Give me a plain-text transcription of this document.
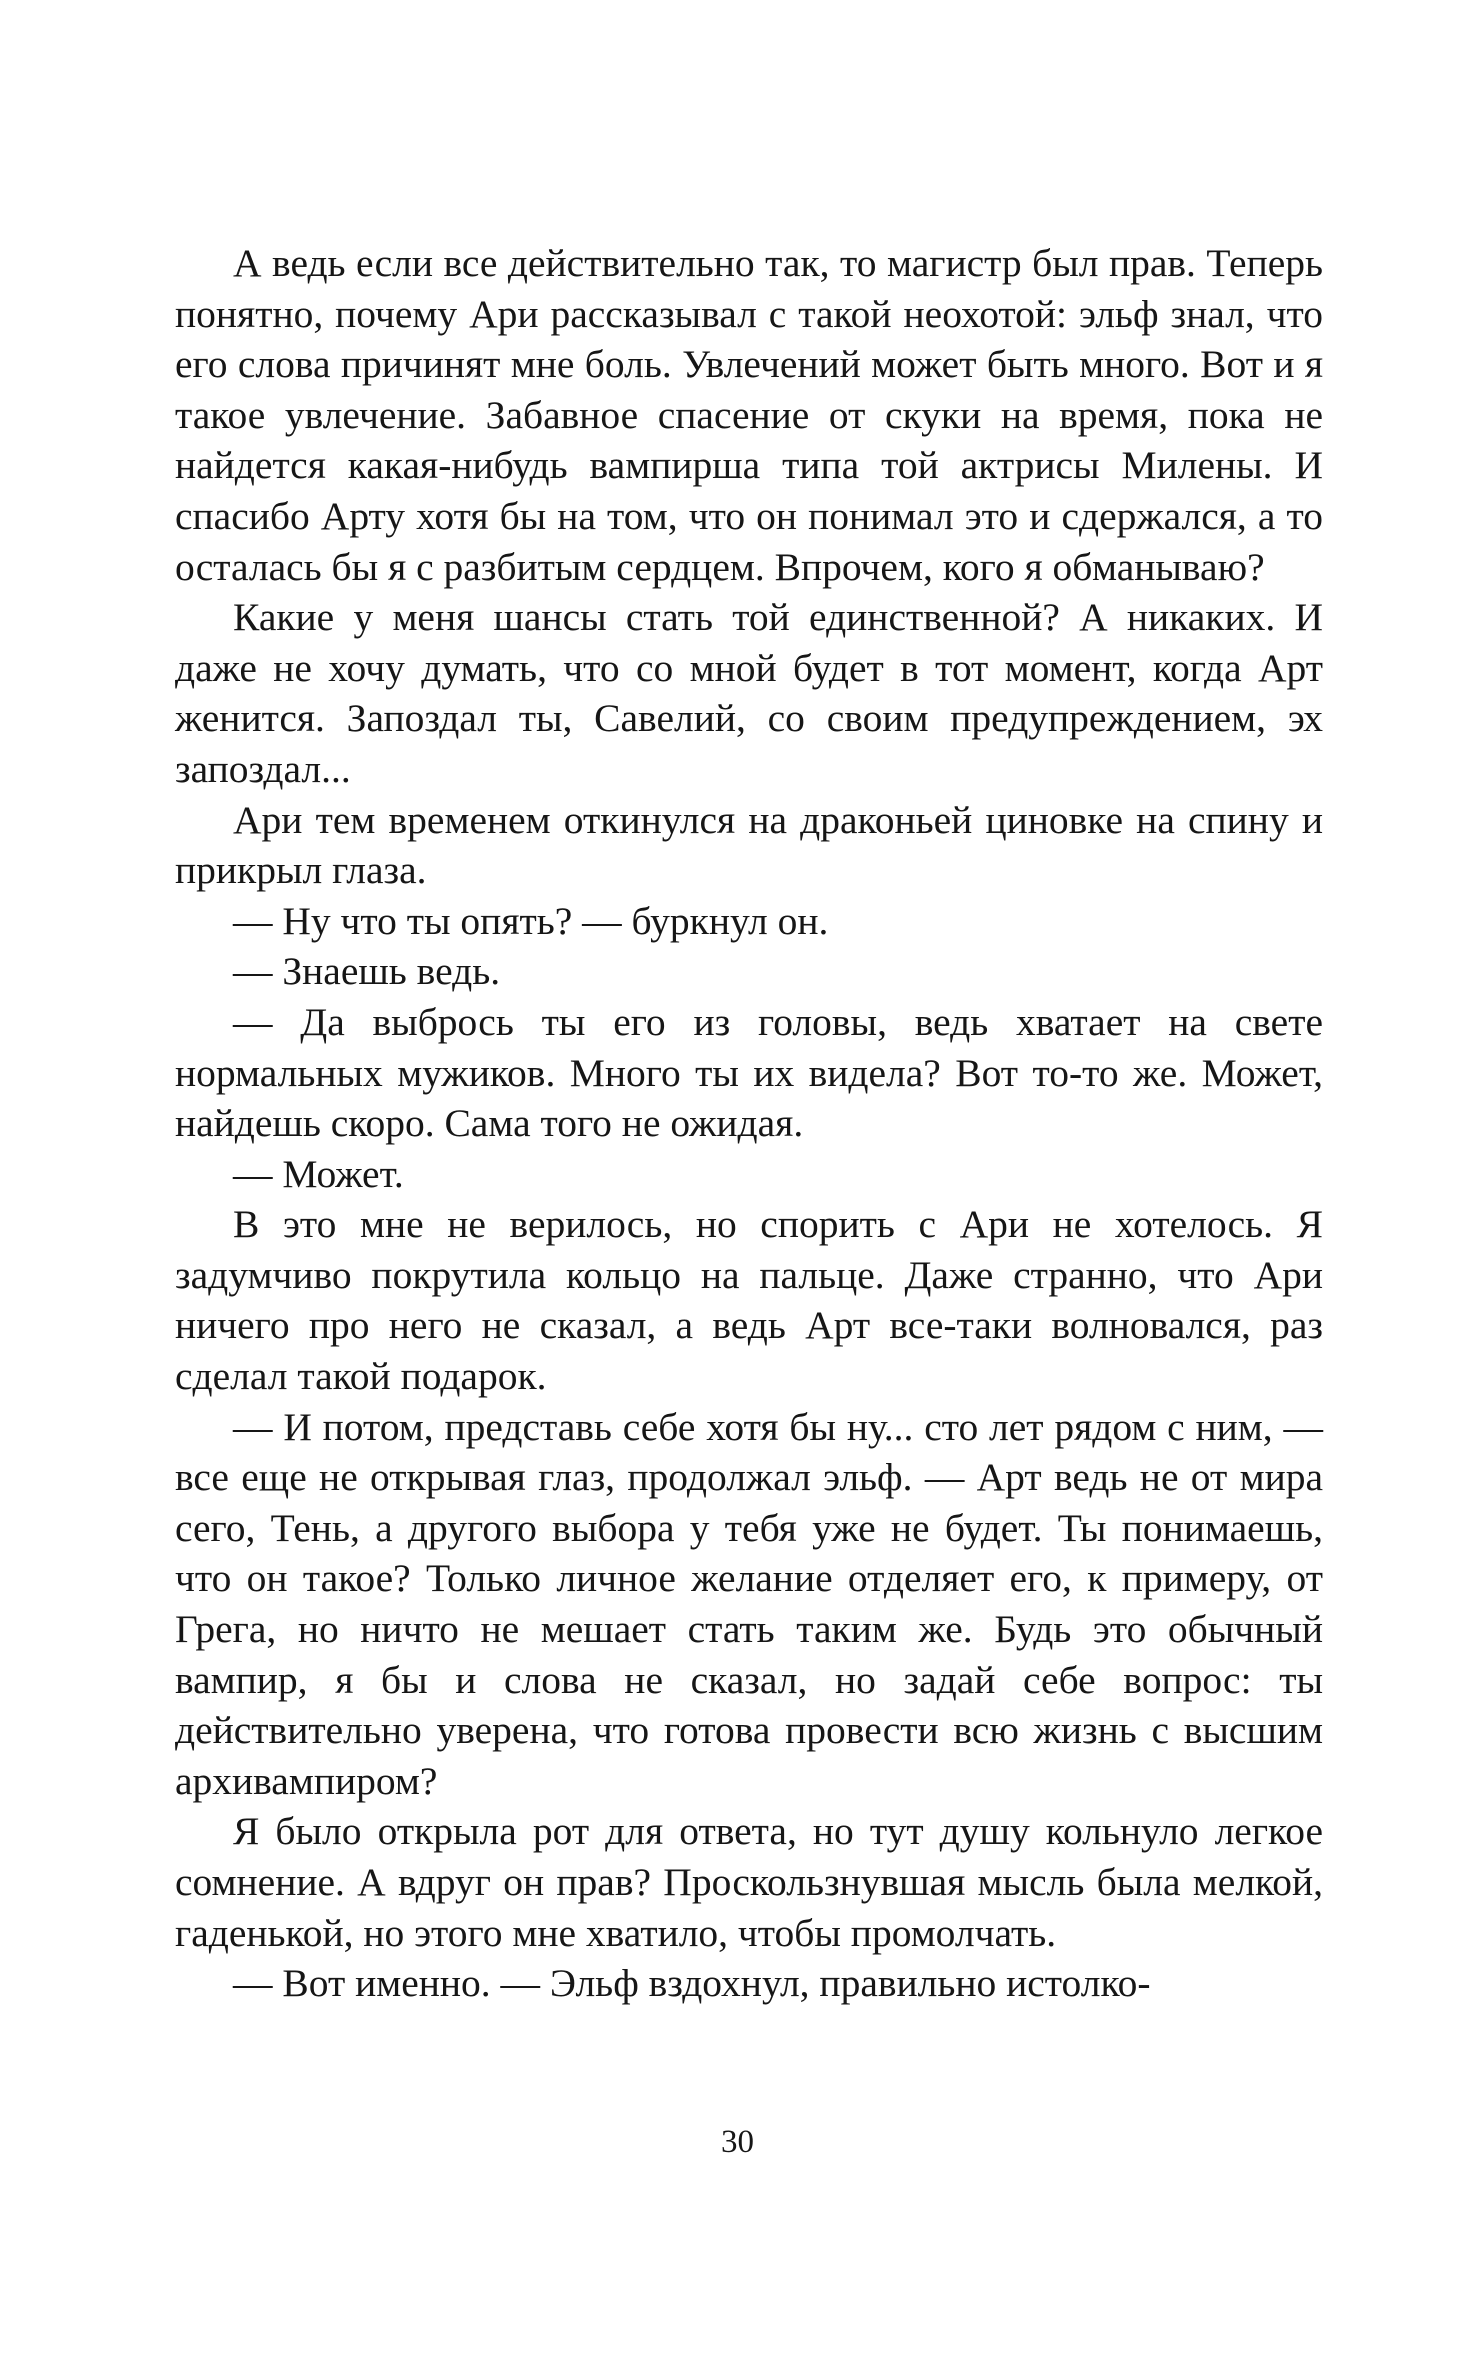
А ведь если все действительно так, то магистр был прав. Теперь понятно, почему Ари рассказывал с такой неохотой: эльф знал, что его слова причинят мне боль. Увлечений может быть много. Вот и я такое увлечение. Забавное спасение от скуки на время, пока не найдется какая-нибудь вампирша типа той актрисы Милены. И спасибо Арту хотя бы на том, что он понимал это и сдержался, а то осталась бы я с разбитым сердцем. Впрочем, кого я обманываю?

Какие у меня шансы стать той единственной? А никаких. И даже не хочу думать, что со мной будет в тот момент, когда Арт женится. Запоздал ты, Савелий, со своим предупреждением, эх запоздал...

Ари тем временем откинулся на драконьей циновке на спину и прикрыл глаза.

— Ну что ты опять? — буркнул он.

— Знаешь ведь.

— Да выбрось ты его из головы, ведь хватает на свете нормальных мужиков. Много ты их видела? Вот то-то же. Может, найдешь скоро. Сама того не ожидая.

— Может.

В это мне не верилось, но спорить с Ари не хотелось. Я задумчиво покрутила кольцо на пальце. Даже странно, что Ари ничего про него не сказал, а ведь Арт все-таки волновался, раз сделал такой подарок.

— И потом, представь себе хотя бы ну... сто лет рядом с ним, — все еще не открывая глаз, продолжал эльф. — Арт ведь не от мира сего, Тень, а другого выбора у тебя уже не будет. Ты понимаешь, что он такое? Только личное желание отделяет его, к примеру, от Грега, но ничто не мешает стать таким же. Будь это обычный вампир, я бы и слова не сказал, но задай себе вопрос: ты действительно уверена, что готова провести всю жизнь с высшим архивампиром?

Я было открыла рот для ответа, но тут душу кольнуло легкое сомнение. А вдруг он прав? Проскользнувшая мысль была мелкой, гаденькой, но этого мне хватило, чтобы промолчать.

— Вот именно. — Эльф вздохнул, правильно истолко-

30
